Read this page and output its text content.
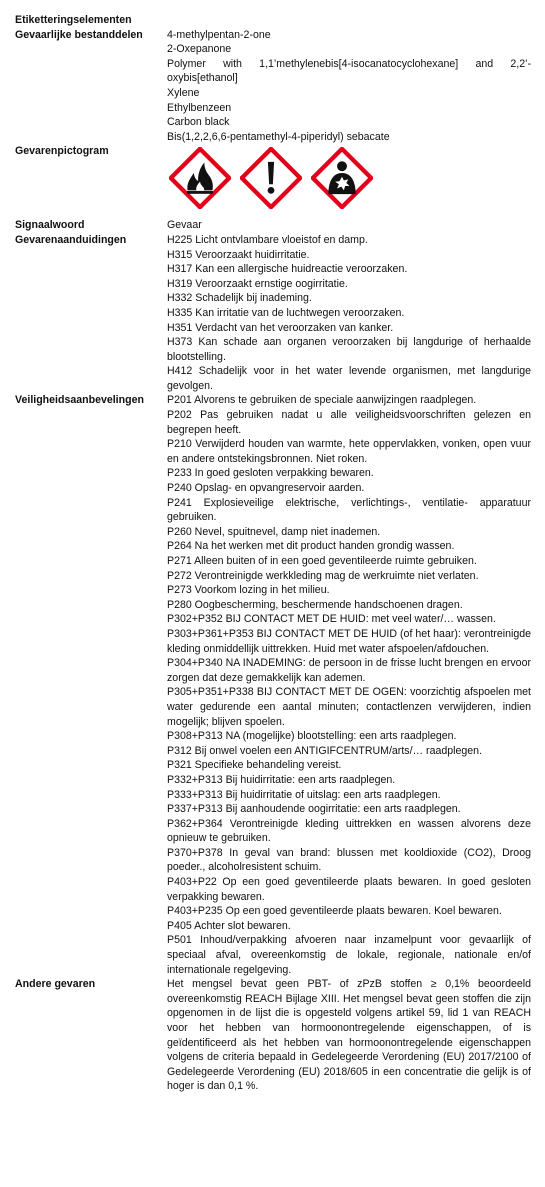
Etiketteringselementen
Gevaarlijke bestanddelen	4-methylpentan-2-one

2-Oxepanone

Polymer with 1,1’methylenebis[4-isocanatocyclohexane] and 2,2’-oxybis[ethanol]

Xylene

Ethylbenzeen

Carbon black

Bis(1,2,2,6,6-pentamethyl-4-piperidyl) sebacate

Gevarenpictogram
Signaalwoord	Gevaar
Gevarenaanduidingen	H225 Licht ontvlambare vloeistof en damp.

H315 Veroorzaakt huidirritatie.

H317 Kan een allergische huidreactie veroorzaken.

H319 Veroorzaakt ernstige oogirritatie.

H332 Schadelijk bij inademing.

H335 Kan irritatie van de luchtwegen veroorzaken.

H351 Verdacht van het veroorzaken van kanker.

H373 Kan schade aan organen veroorzaken bij langdurige of herhaalde blootstelling.

H412 Schadelijk voor in het water levende organismen, met langdurige gevolgen.

Veiligheidsaanbevelingen	P201 Alvorens te gebruiken de speciale aanwijzingen raadplegen.

P202 Pas gebruiken nadat u alle veiligheidsvoorschriften gelezen en begrepen heeft.

P210 Verwijderd houden van warmte, hete oppervlakken, vonken, open vuur en andere ontstekingsbronnen. Niet roken.

P233 In goed gesloten verpakking bewaren.

P240 Opslag- en opvangreservoir aarden.

P241 Explosieveilige elektrische, verlichtings-, ventilatie- apparatuur gebruiken.

P260 Nevel, spuitnevel, damp niet inademen.

P264 Na het werken met dit product handen grondig wassen.

P271 Alleen buiten of in een goed geventileerde ruimte gebruiken.

P272 Verontreinigde werkkleding mag de werkruimte niet verlaten.

P273 Voorkom lozing in het milieu.

P280 Oogbescherming, beschermende handschoenen dragen.

P302+P352 BIJ CONTACT MET DE HUID: met veel water/… wassen.

P303+P361+P353 BIJ CONTACT MET DE HUID (of het haar): verontreinigde kleding onmiddellijk uittrekken. Huid met water afspoelen/afdouchen.

P304+P340 NA INADEMING: de persoon in de frisse lucht brengen en ervoor zorgen dat deze gemakkelijk kan ademen.

P305+P351+P338 BIJ CONTACT MET DE OGEN: voorzichtig afspoelen met water gedurende een aantal minuten; contactlenzen verwijderen, indien mogelijk; blijven spoelen.

P308+P313 NA (mogelijke) blootstelling: een arts raadplegen.

P312 Bij onwel voelen een ANTIGIFCENTRUM/arts/… raadplegen.

P321 Specifieke behandeling vereist.

P332+P313 Bij huidirritatie: een arts raadplegen.

P333+P313 Bij huidirritatie of uitslag: een arts raadplegen.

P337+P313 Bij aanhoudende oogirritatie: een arts raadplegen.

P362+P364 Verontreinigde kleding uittrekken en wassen alvorens deze opnieuw te gebruiken.

P370+P378 In geval van brand: blussen met kooldioxide (CO2), Droog poeder., alcoholresistent schuim.

P403+P22 Op een goed geventileerde plaats bewaren. In goed gesloten verpakking bewaren.

P403+P235 Op een goed geventileerde plaats bewaren. Koel bewaren.

P405 Achter slot bewaren.

P501 Inhoud/verpakking afvoeren naar inzamelpunt voor gevaarlijk of speciaal afval, overeenkomstig de lokale, regionale, nationale en/of internationale regelgeving.

Andere gevaren	Het mengsel bevat geen PBT- of zPzB stoffen ≥ 0,1% beoordeeld overeenkomstig REACH Bijlage XIII. Het mengsel bevat geen stoffen die zijn opgenomen in de lijst die is opgesteld volgens artikel 59, lid 1 van REACH voor het hebben van hormoonontregelende eigenschappen, of is geïdentificeerd als het hebben van hormoonontregelende eigenschappen volgens de criteria bepaald in Gedelegeerde Verordening (EU) 2017/2100 of Gedelegeerde Verordening (EU) 2018/605 in een concentratie die gelijk is of hoger is dan 0,1 %.
